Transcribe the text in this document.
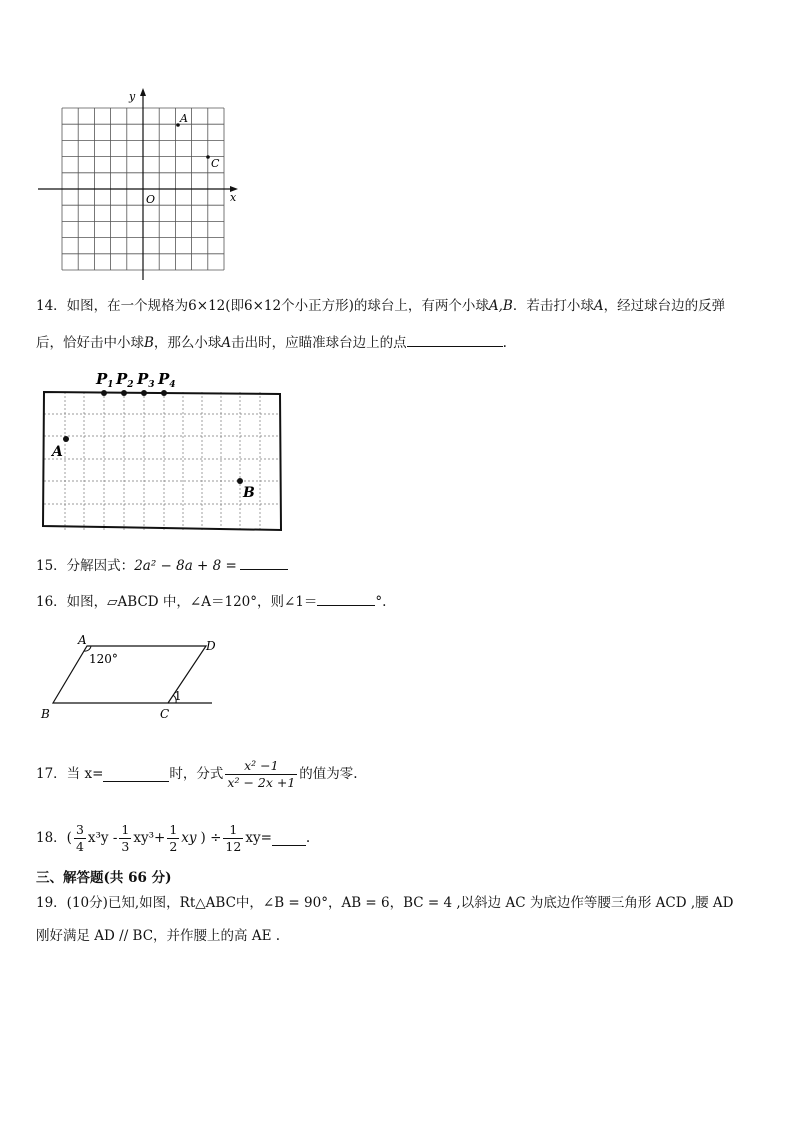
x
y
O
A
C
14．如图，在一个规格为6×12(即6×12个小正方形)的球台上，有两个小球A,B．若击打小球A，经过球台边的反弹
后，恰好击中小球B，那么小球A击出时，应瞄准球台边上的点	.
$P_1$ $P_2$ $P_3$ $P_4$
A
B
15．分解因式：2a² − 8a + 8 =
16．如图，▱ABCD 中，∠A＝120°，则∠1＝	°.
A	D
B	C
120°
1
17．当 x=	时，分式 $\frac{\text{x² −1}}{\text{x² − 2x +1}}$ 的值为零.
18．( $\frac{3}{4} x^3y - \frac{1}{3} xy^3+ \frac{1}{2}$ xy ) ÷ $\frac{1}{12} xy=$	.
三、解答题(共 66 分)
19．(10分)已知,如图，Rt△ABC中，∠B = 90°，AB = 6，BC = 4 ,以斜边 AC 为底边作等腰三角形 ACD ,腰 AD
刚好满足 AD // BC，并作腰上的高 AE .
